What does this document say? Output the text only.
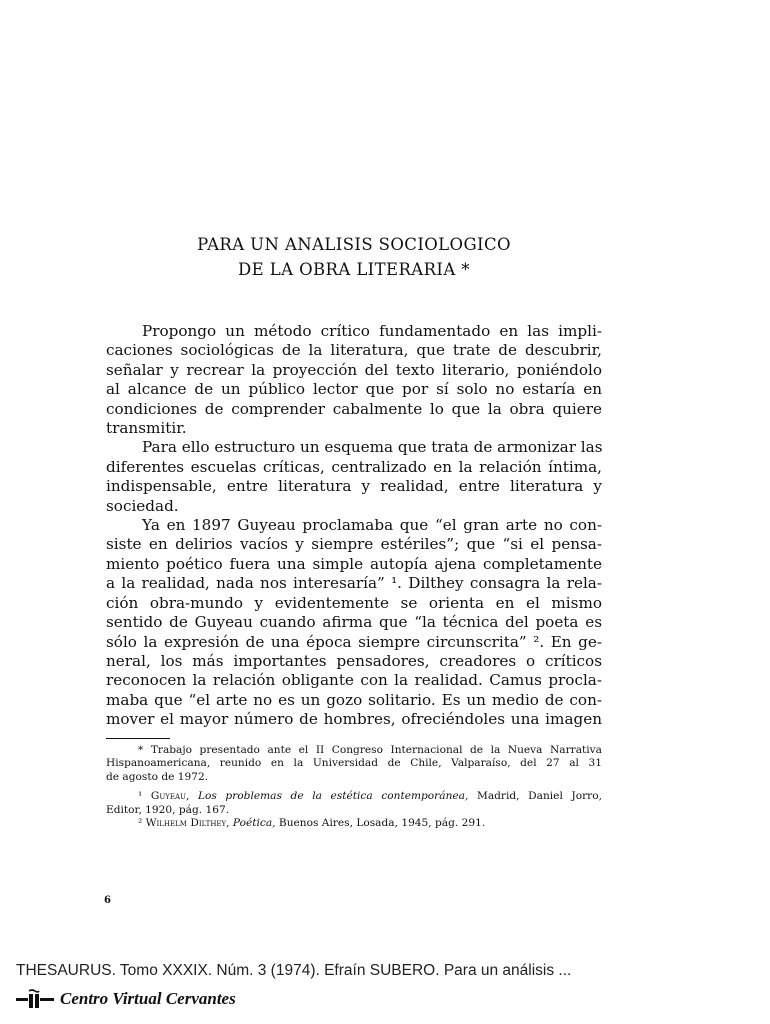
PARA UN ANALISIS SOCIOLOGICO
DE LA OBRA LITERARIA *
Propongo un método crítico fundamentado en las impli-
caciones sociológicas de la literatura, que trate de descubrir,
señalar y recrear la proyección del texto literario, poniéndolo
al alcance de un público lector que por sí solo no estaría en
condiciones de comprender cabalmente lo que la obra quiere
transmitir.
Para ello estructuro un esquema que trata de armonizar las
diferentes escuelas críticas, centralizado en la relación íntima,
indispensable, entre literatura y realidad, entre literatura y
sociedad.
Ya en 1897 Guyeau proclamaba que “el gran arte no con-
siste en delirios vacíos y siempre estériles”; que “si el pensa-
miento poético fuera una simple autopía ajena completamente
a la realidad, nada nos interesaría” ¹. Dilthey consagra la rela-
ción obra-mundo y evidentemente se orienta en el mismo
sentido de Guyeau cuando afirma que “la técnica del poeta es
sólo la expresión de una época siempre circunscrita” ². En ge-
neral, los más importantes pensadores, creadores o críticos
reconocen la relación obligante con la realidad. Camus procla-
maba que “el arte no es un gozo solitario. Es un medio de con-
mover el mayor número de hombres, ofreciéndoles una imagen
* Trabajo presentado ante el II Congreso Internacional de la Nueva Narrativa
Hispanoamericana, reunido en la Universidad de Chile, Valparaíso, del 27 al 31
de agosto de 1972.
¹ Guyeau, Los problemas de la estética contemporánea, Madrid, Daniel Jorro,
Editor, 1920, pág. 167.
² Wilhelm Dilthey, Poética, Buenos Aires, Losada, 1945, pág. 291.
6
THESAURUS. Tomo XXXIX. Núm. 3 (1974). Efraín SUBERO. Para un análisis ...
Centro Virtual Cervantes
